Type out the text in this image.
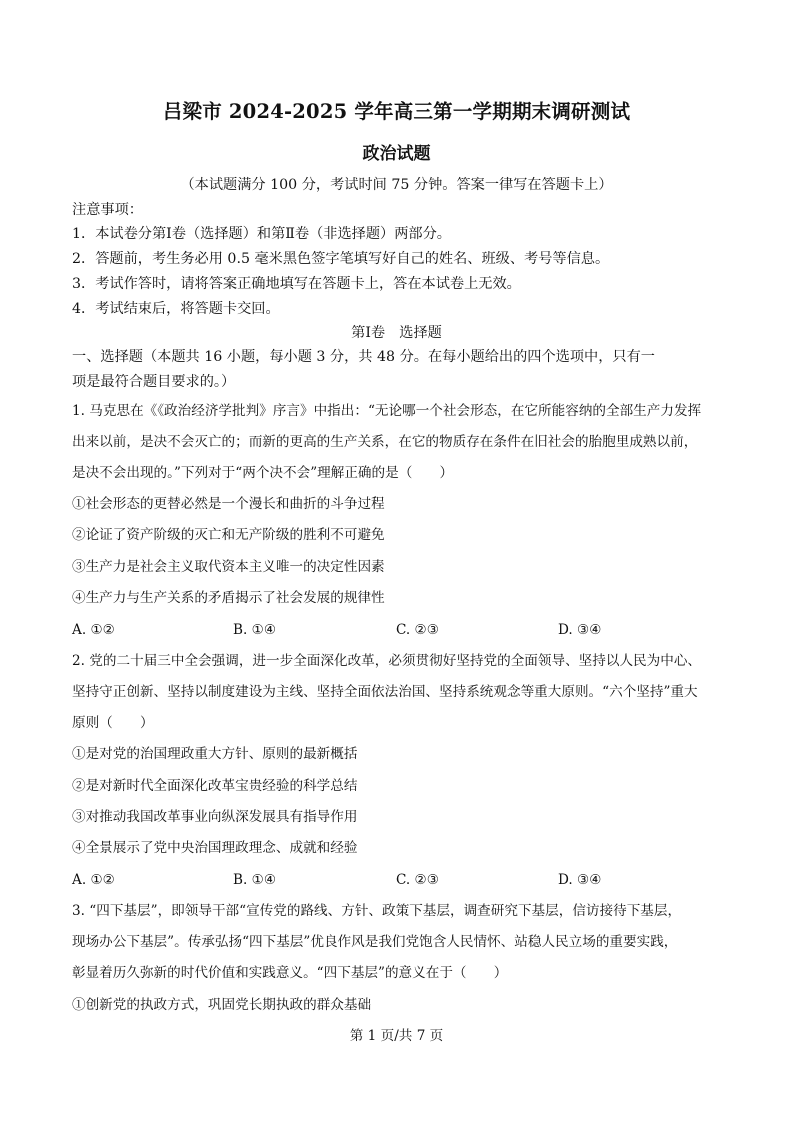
吕梁市 2024-2025 学年高三第一学期期末调研测试
政治试题
（本试题满分 100 分，考试时间 75 分钟。答案一律写在答题卡上）
注意事项：
1．本试卷分第Ⅰ卷（选择题）和第Ⅱ卷（非选择题）两部分。
2．答题前，考生务必用 0.5 毫米黑色签字笔填写好自己的姓名、班级、考号等信息。
3．考试作答时，请将答案正确地填写在答题卡上，答在本试卷上无效。
4．考试结束后，将答题卡交回。
第Ⅰ卷　选择题
一、选择题（本题共 16 小题，每小题 3 分，共 48 分。在每小题给出的四个选项中，只有一
项是最符合题目要求的。）
1. 马克思在《《政治经济学批判》序言》中指出：“无论哪一个社会形态，在它所能容纳的全部生产力发挥
出来以前，是决不会灭亡的；而新的更高的生产关系，在它的物质存在条件在旧社会的胎胞里成熟以前，
是决不会出现的。”下列对于“两个决不会”理解正确的是（　　）
①社会形态的更替必然是一个漫长和曲折的斗争过程
②论证了资产阶级的灭亡和无产阶级的胜利不可避免
③生产力是社会主义取代资本主义唯一的决定性因素
④生产力与生产关系的矛盾揭示了社会发展的规律性
A. ①②	B. ①④	C. ②③	D. ③④
2. 党的二十届三中全会强调，进一步全面深化改革，必须贯彻好坚持党的全面领导、坚持以人民为中心、
坚持守正创新、坚持以制度建设为主线、坚持全面依法治国、坚持系统观念等重大原则。“六个坚持”重大
原则（　　）
①是对党的治国理政重大方针、原则的最新概括
②是对新时代全面深化改革宝贵经验的科学总结
③对推动我国改革事业向纵深发展具有指导作用
④全景展示了党中央治国理政理念、成就和经验
A. ①②	B. ①④	C. ②③	D. ③④
3. “四下基层”，即领导干部“宣传党的路线、方针、政策下基层，调查研究下基层，信访接待下基层，
现场办公下基层”。传承弘扬“四下基层”优良作风是我们党饱含人民情怀、站稳人民立场的重要实践，
彰显着历久弥新的时代价值和实践意义。“四下基层”的意义在于（　　）
①创新党的执政方式，巩固党长期执政的群众基础
第 1 页/共 7 页
